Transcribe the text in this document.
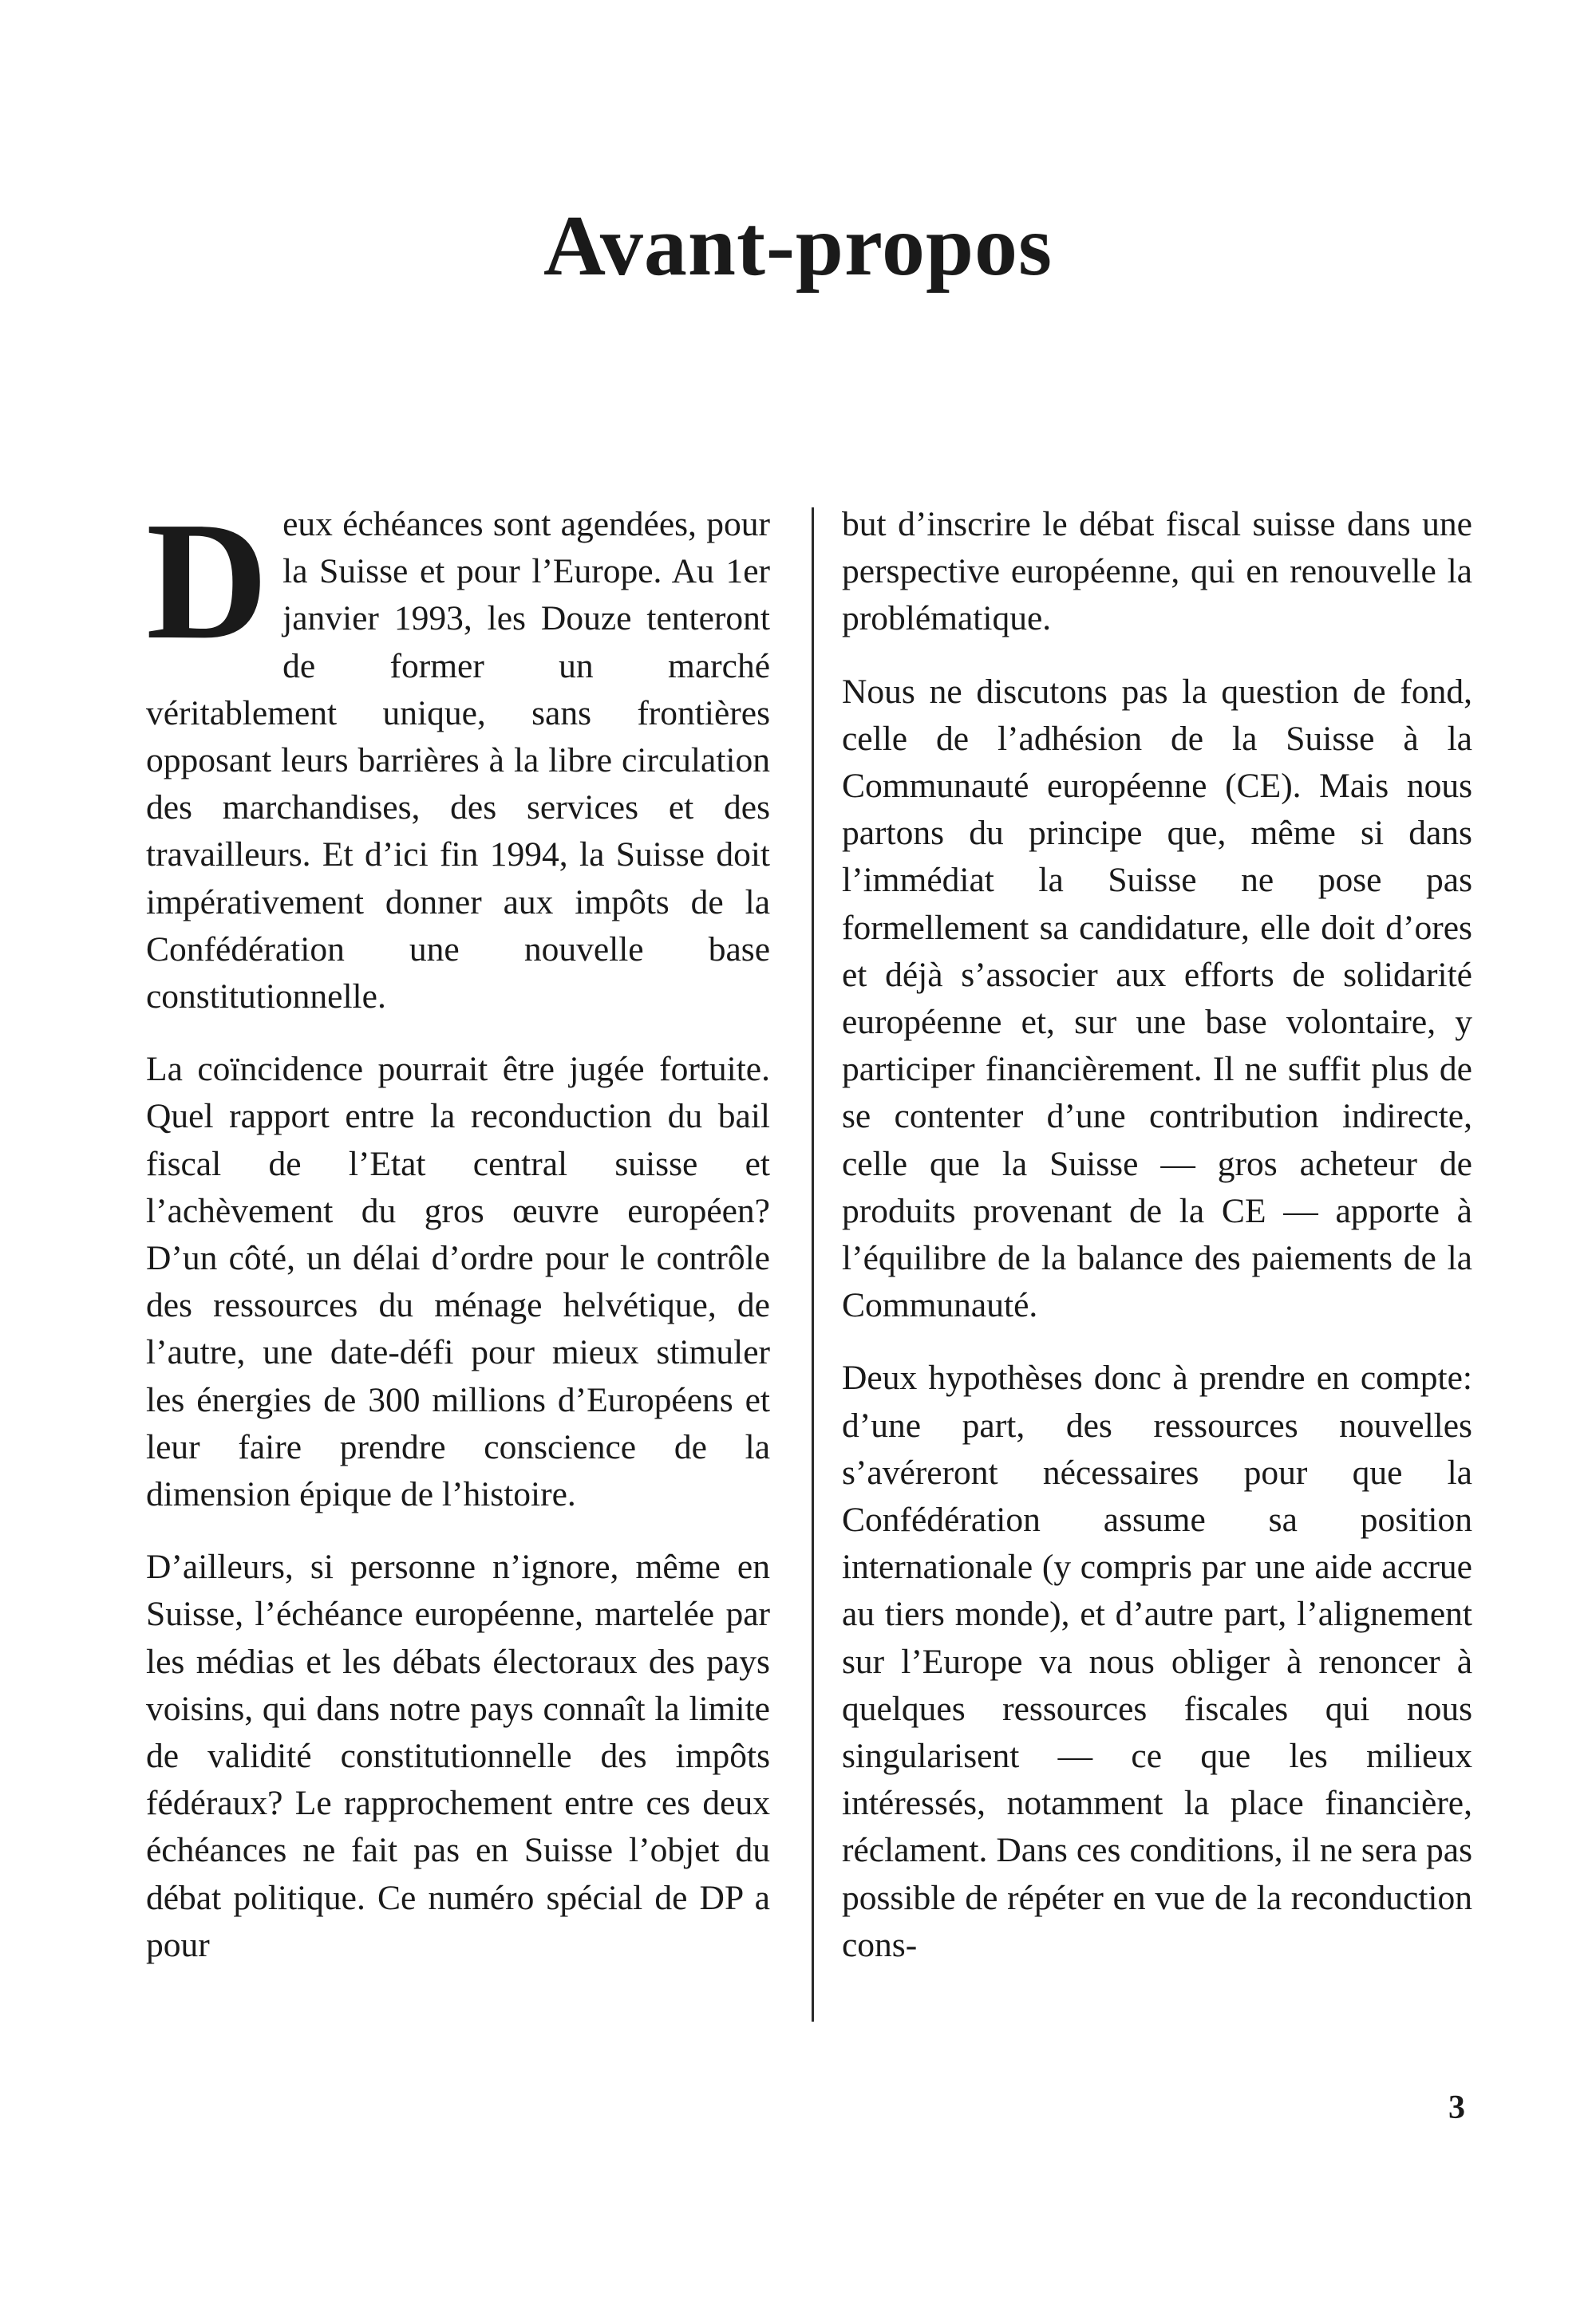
Avant-propos

Deux échéances sont agendées, pour la Suisse et pour l’Europe. Au 1er janvier 1993, les Douze tenteront de former un marché véritablement unique, sans frontières opposant leurs barrières à la libre circulation des marchandises, des services et des travailleurs. Et d’ici fin 1994, la Suisse doit impérativement donner aux impôts de la Confédération une nouvelle base constitutionnelle.

La coïncidence pourrait être jugée fortuite. Quel rapport entre la reconduction du bail fiscal de l’Etat central suisse et l’achèvement du gros œuvre européen? D’un côté, un délai d’ordre pour le contrôle des ressources du ménage helvétique, de l’autre, une date-défi pour mieux stimuler les énergies de 300 millions d’Européens et leur faire prendre conscience de la dimension épique de l’histoire.

D’ailleurs, si personne n’ignore, même en Suisse, l’échéance européenne, martelée par les médias et les débats électoraux des pays voisins, qui dans notre pays connaît la limite de validité constitutionnelle des impôts fédéraux? Le rapprochement entre ces deux échéances ne fait pas en Suisse l’objet du débat politique. Ce numéro spécial de DP a pour

but d’inscrire le débat fiscal suisse dans une perspective européenne, qui en renouvelle la problématique.

Nous ne discutons pas la question de fond, celle de l’adhésion de la Suisse à la Communauté européenne (CE). Mais nous partons du principe que, même si dans l’immédiat la Suisse ne pose pas formellement sa candidature, elle doit d’ores et déjà s’associer aux efforts de solidarité européenne et, sur une base volontaire, y participer financièrement. Il ne suffit plus de se contenter d’une contribution indirecte, celle que la Suisse — gros acheteur de produits provenant de la CE — apporte à l’équilibre de la balance des paiements de la Communauté.

Deux hypothèses donc à prendre en compte: d’une part, des ressources nouvelles s’avéreront nécessaires pour que la Confédération assume sa position internationale (y compris par une aide accrue au tiers monde), et d’autre part, l’alignement sur l’Europe va nous obliger à renoncer à quelques ressources fiscales qui nous singularisent — ce que les milieux intéressés, notamment la place financière, réclament. Dans ces conditions, il ne sera pas possible de répéter en vue de la reconduction cons-

3
